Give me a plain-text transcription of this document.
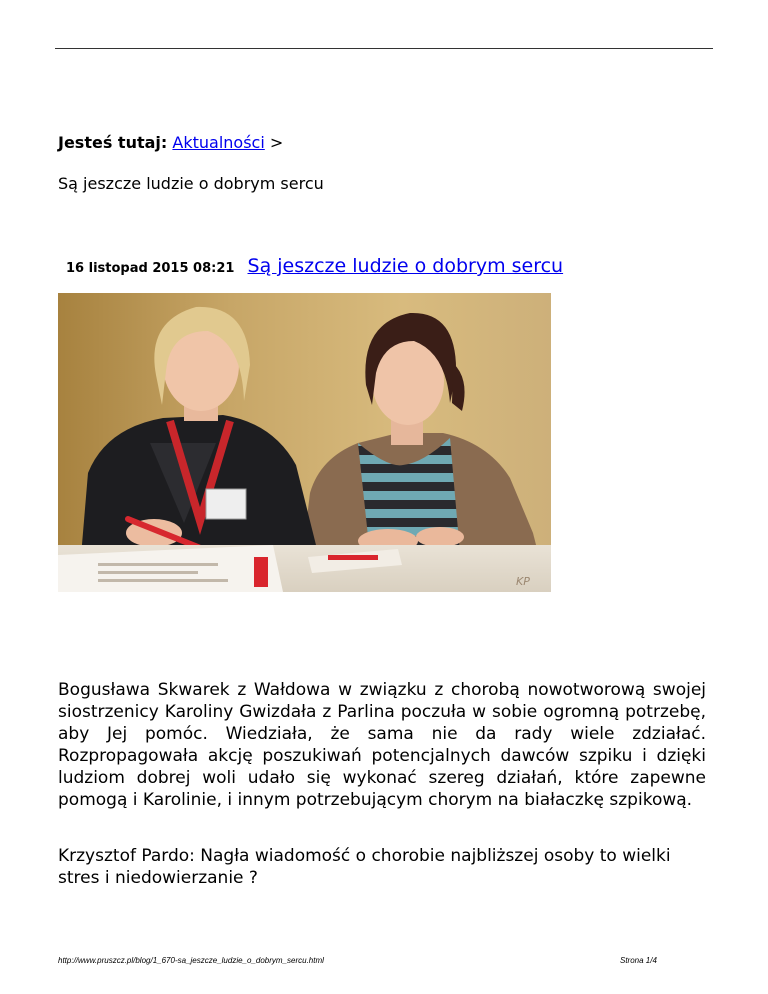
Jesteś tutaj: Aktualności >
Są jeszcze ludzie o dobrym sercu
16 listopad 2015 08:21 Są jeszcze ludzie o dobrym sercu
KP

Bogusława Skwarek z Wałdowa w związku z chorobą nowotworową swojej siostrzenicy Karoliny Gwizdała z Parlina poczuła w sobie ogromną potrzebę, aby Jej pomóc. Wiedziała, że sama nie da rady wiele zdziałać. Rozpropagowała akcję poszukiwań potencjalnych dawców szpiku i dzięki ludziom dobrej woli udało się wykonać szereg działań, które zapewne pomogą i Karolinie, i innym potrzebującym chorym na białaczkę szpikową.

Krzysztof Pardo: Nagła wiadomość o chorobie najbliższej osoby to wielki stres i niedowierzanie ?

http://www.pruszcz.pl/blog/1_670-sa_jeszcze_ludzie_o_dobrym_sercu.html	Strona 1/4
